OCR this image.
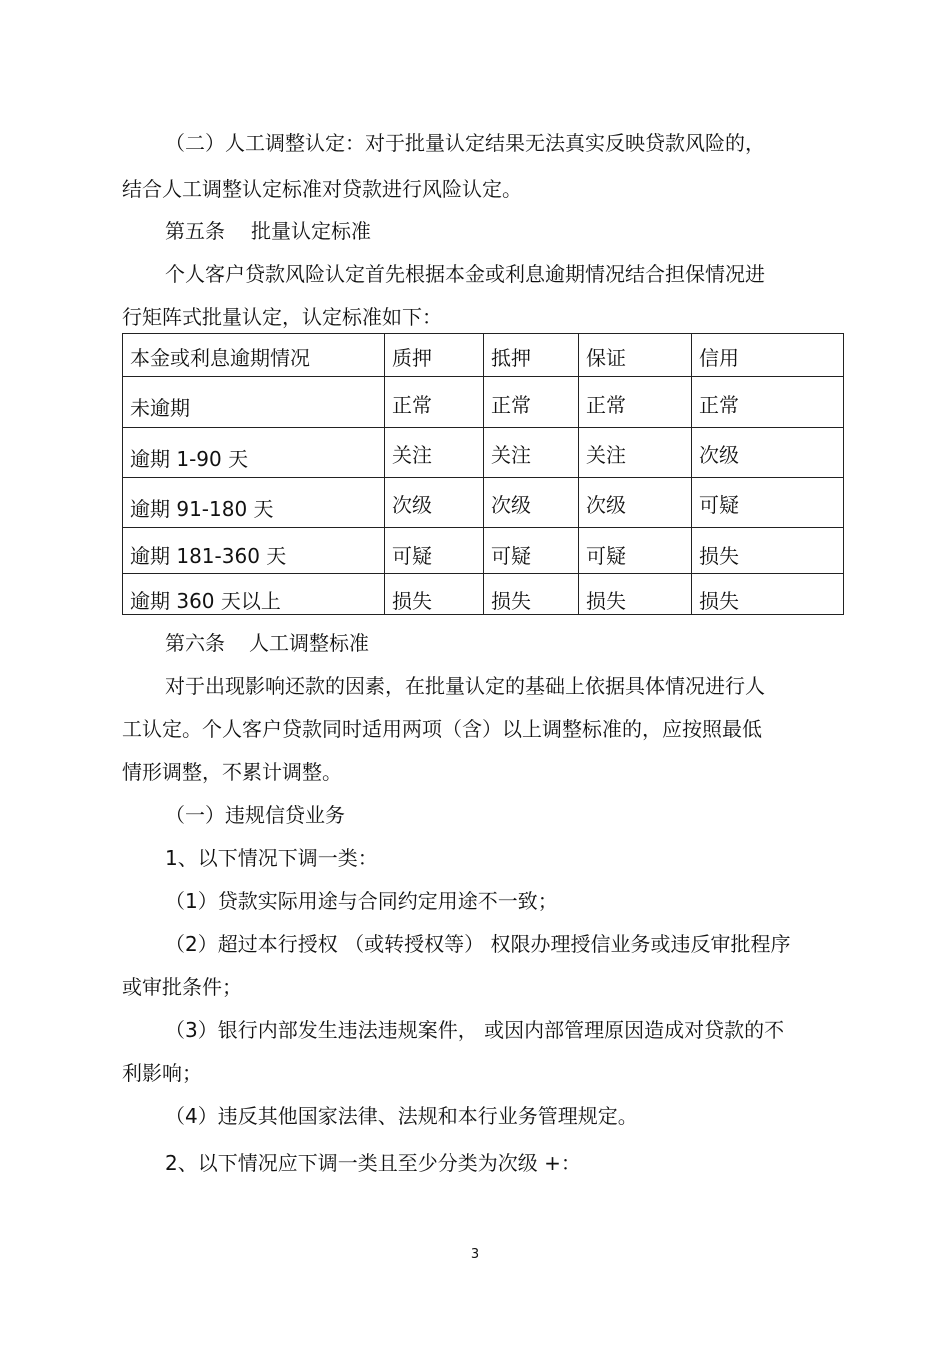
（二）人工调整认定：对于批量认定结果无法真实反映贷款风险的，
结合人工调整认定标准对贷款进行风险认定。
第五条 批量认定标准
个人客户贷款风险认定首先根据本金或利息逾期情况结合担保情况进
行矩阵式批量认定，认定标准如下：
本金或利息逾期情况	质押	抵押	保证	信用

未逾期	正常	正常	正常	正常

逾期 1-90 天	关注	关注	关注	次级

逾期 91-180 天	次级	次级	次级	可疑

逾期 181-360 天	可疑	可疑	可疑	损失

逾期 360 天以上	损失	损失	损失	损失
第六条 人工调整标准
对于出现影响还款的因素，在批量认定的基础上依据具体情况进行人
工认定。个人客户贷款同时适用两项（含）以上调整标准的，应按照最低
情形调整，不累计调整。
（一）违规信贷业务
1、以下情况下调一类：
（1）贷款实际用途与合同约定用途不一致；
（2）超过本行授权 （或转授权等） 权限办理授信业务或违反审批程序
或审批条件；
（3）银行内部发生违法违规案件， 或因内部管理原因造成对贷款的不
利影响；
（4）违反其他国家法律、法规和本行业务管理规定。
2、以下情况应下调一类且至少分类为次级 +：
3
